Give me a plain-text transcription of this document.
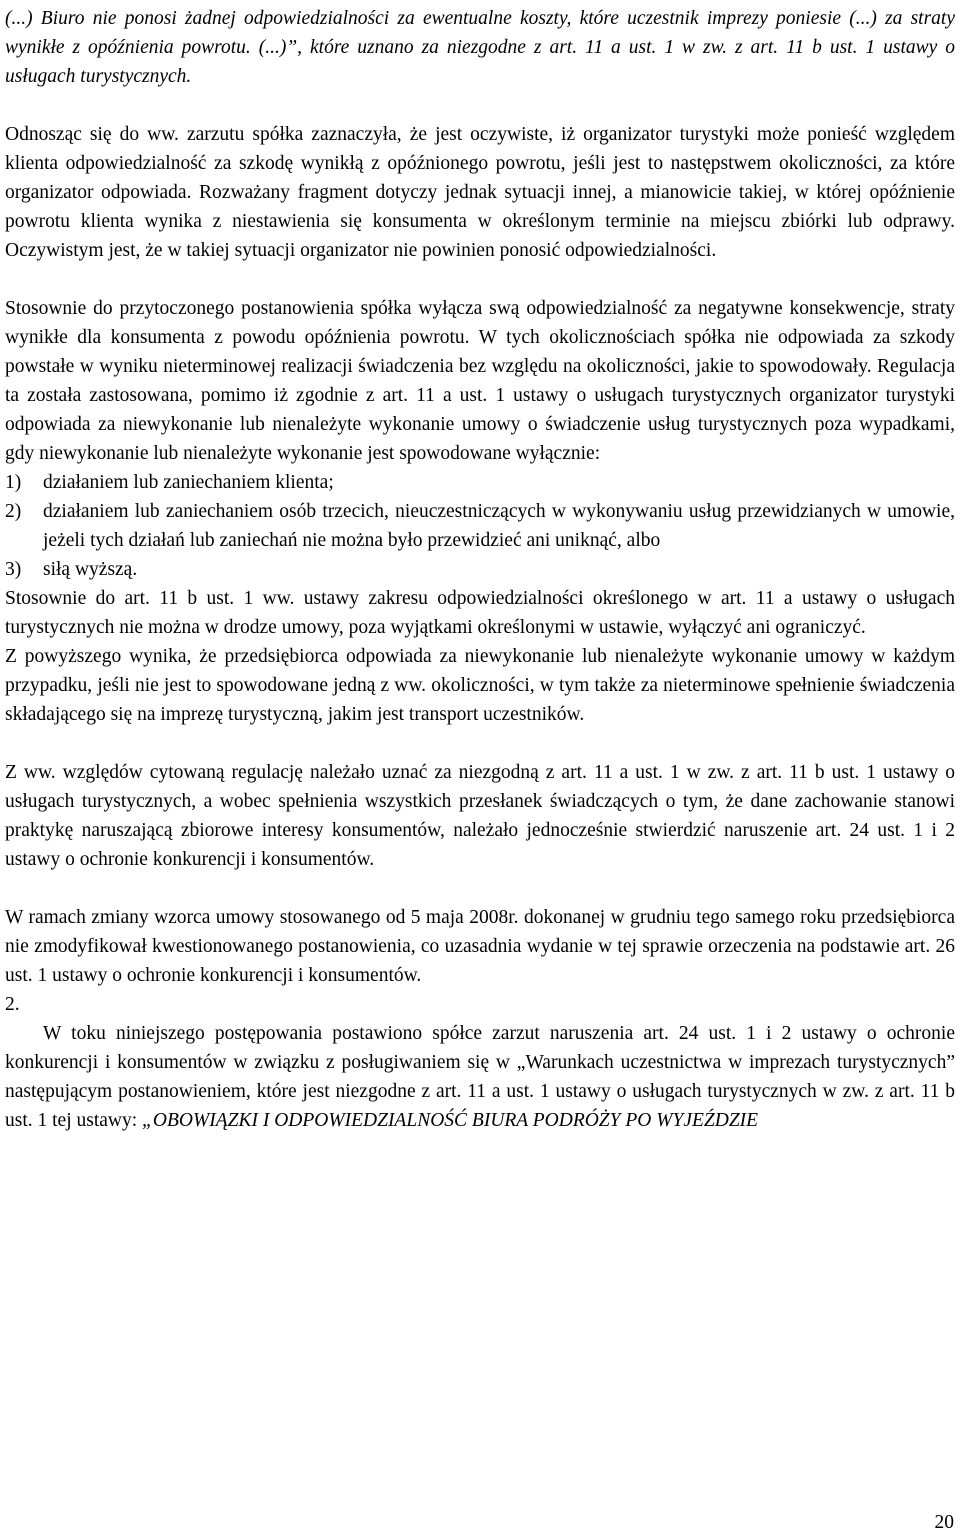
(...) Biuro nie ponosi żadnej odpowiedzialności za ewentualne koszty, które uczestnik imprezy poniesie (...) za straty wynikłe z opóźnienia powrotu. (...)”, które uznano za niezgodne z art. 11 a ust. 1 w zw. z art. 11 b ust. 1 ustawy o usługach turystycznych.

Odnosząc się do ww. zarzutu spółka zaznaczyła, że jest oczywiste, iż organizator turystyki może ponieść względem klienta odpowiedzialność za szkodę wynikłą z opóźnionego powrotu, jeśli jest to następstwem okoliczności, za które organizator odpowiada. Rozważany fragment dotyczy jednak sytuacji innej, a mianowicie takiej, w której opóźnienie powrotu klienta wynika z niestawienia się konsumenta w określonym terminie na miejscu zbiórki lub odprawy. Oczywistym jest, że w takiej sytuacji organizator nie powinien ponosić odpowiedzialności.

Stosownie do przytoczonego postanowienia spółka wyłącza swą odpowiedzialność za negatywne konsekwencje, straty wynikłe dla konsumenta z powodu opóźnienia powrotu. W tych okolicznościach spółka nie odpowiada za szkody powstałe w wyniku nieterminowej realizacji świadczenia bez względu na okoliczności, jakie to spowodowały. Regulacja ta została zastosowana, pomimo iż zgodnie z art. 11 a ust. 1 ustawy o usługach turystycznych organizator turystyki odpowiada za niewykonanie lub nienależyte wykonanie umowy o świadczenie usług turystycznych poza wypadkami, gdy niewykonanie lub nienależyte wykonanie jest spowodowane wyłącznie:

1) działaniem lub zaniechaniem klienta;

2) działaniem lub zaniechaniem osób trzecich, nieuczestniczących w wykonywaniu usług przewidzianych w umowie, jeżeli tych działań lub zaniechań nie można było przewidzieć ani uniknąć, albo

3) siłą wyższą.

Stosownie do art. 11 b ust. 1 ww. ustawy zakresu odpowiedzialności określonego w art. 11 a ustawy o usługach turystycznych nie można w drodze umowy, poza wyjątkami określonymi w ustawie, wyłączyć ani ograniczyć.

Z powyższego wynika, że przedsiębiorca odpowiada za niewykonanie lub nienależyte wykonanie umowy w każdym przypadku, jeśli nie jest to spowodowane jedną z ww. okoliczności, w tym także za nieterminowe spełnienie świadczenia składającego się na imprezę turystyczną, jakim jest transport uczestników.

Z ww. względów cytowaną regulację należało uznać za niezgodną z art. 11 a ust. 1 w zw. z art. 11 b ust. 1 ustawy o usługach turystycznych, a wobec spełnienia wszystkich przesłanek świadczących o tym, że dane zachowanie stanowi praktykę naruszającą zbiorowe interesy konsumentów, należało jednocześnie stwierdzić naruszenie art. 24 ust. 1 i 2 ustawy o ochronie konkurencji i konsumentów.

W ramach zmiany wzorca umowy stosowanego od 5 maja 2008r. dokonanej w grudniu tego samego roku przedsiębiorca nie zmodyfikował kwestionowanego postanowienia, co uzasadnia wydanie w tej sprawie orzeczenia na podstawie art. 26 ust. 1 ustawy o ochronie konkurencji i konsumentów.

2.

W toku niniejszego postępowania postawiono spółce zarzut naruszenia art. 24 ust. 1 i 2 ustawy o ochronie konkurencji i konsumentów w związku z posługiwaniem się w „Warunkach uczestnictwa w imprezach turystycznych” następującym postanowieniem, które jest niezgodne z art. 11 a ust. 1 ustawy o usługach turystycznych w zw. z art. 11 b ust. 1 tej ustawy: „OBOWIĄZKI I ODPOWIEDZIALNOŚĆ BIURA PODRÓŻY PO WYJEŹDZIE

20
